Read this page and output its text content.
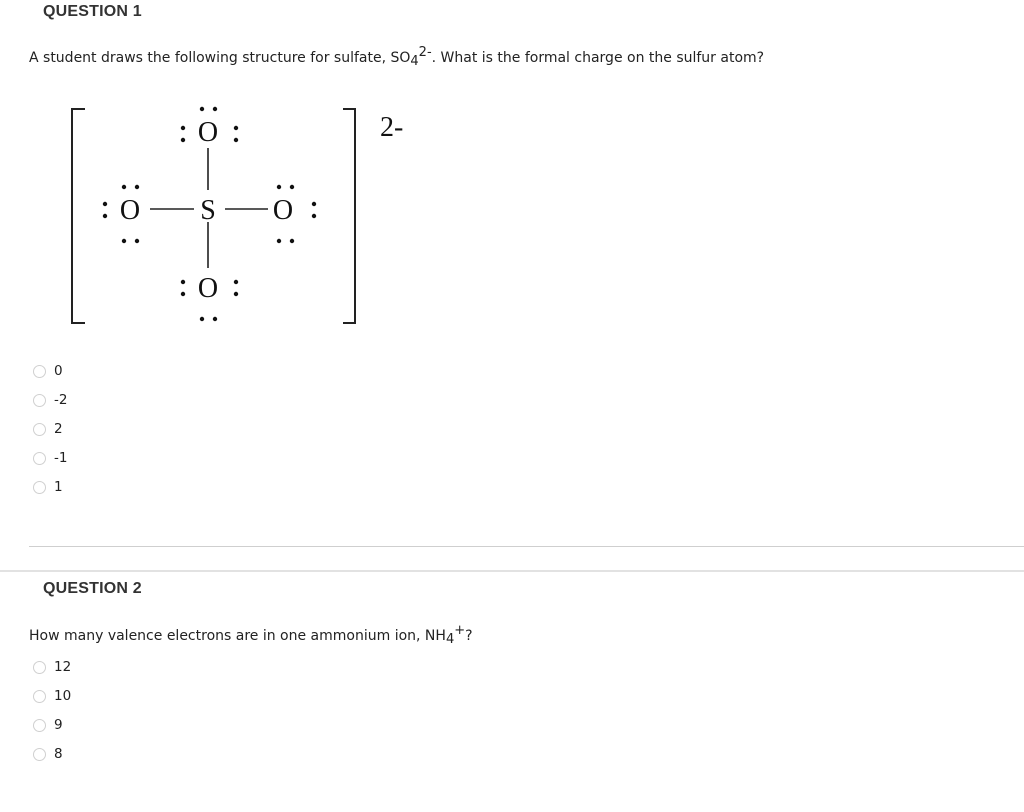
QUESTION 1
A student draws the following structure for sulfate, $SO_4^{2-}$. What is the formal charge on the sulfur atom?
2-
O
S
O	O
O
0
-2
2
-1
1
QUESTION 2
How many valence electrons are in one ammonium ion, $NH_4^+$?
12
10
9
8
